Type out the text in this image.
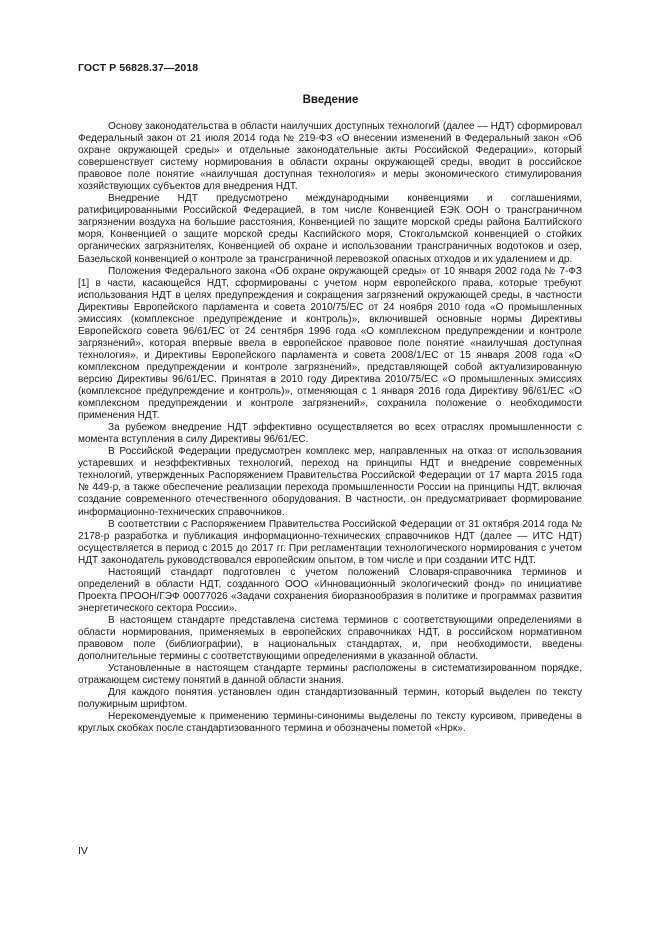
ГОСТ Р 56828.37—2018
Введение

Основу законодательства в области наилучших доступных технологий (далее — НДТ) сформировал Федеральный закон от 21 июля 2014 года № 219-ФЗ «О внесении изменений в Федеральный закон «Об охране окружающей среды» и отдельные законодательные акты Российской Федерации», который совершенствует систему нормирования в области охраны окружающей среды, вводит в российское правовое поле понятие «наилучшая доступная технология» и меры экономического стимулирования хозяйствующих субъектов для внедрения НДТ.

Внедрение НДТ предусмотрено международными конвенциями и соглашениями, ратифицированными Российской Федерацией, в том числе Конвенцией ЕЭК ООН о трансграничном загрязнении воздуха на большие расстояния, Конвенцией по защите морской среды района Балтийского моря, Конвенцией о защите морской среды Каспийского моря, Стокгольмской конвенцией о стойких органических загрязнителях, Конвенцией об охране и использовании трансграничных водотоков и озер, Базельской конвенцией о контроле за трансграничной перевозкой опасных отходов и их удалением и др.

Положения Федерального закона «Об охране окружающей среды» от 10 января 2002 года № 7-ФЗ [1] в части, касающейся НДТ, сформированы с учетом норм европейского права, которые требуют использования НДТ в целях предупреждения и сокращения загрязнений окружающей среды, в частности Директивы Европейского парламента и совета 2010/75/ЕС от 24 ноября 2010 года «О промышленных эмиссиях (комплексное предупреждение и контроль)», включившей основные нормы Директивы Европейского совета 96/61/ЕС от 24 сентября 1996 года «О комплексном предупреждении и контроле загрязнений», которая впервые ввела в европейское правовое поле понятие «наилучшая доступная технология», и Директивы Европейского парламента и совета 2008/1/ЕС от 15 января 2008 года «О комплексном предупреждении и контроле загрязнений», представляющей собой актуализированную версию Директивы 96/61/ЕС. Принятая в 2010 году Директива 2010/75/ЕС «О промышленных эмиссиях (комплексное предупреждение и контроль)», отменяющая с 1 января 2016 года Директиву 96/61/ЕС «О комплексном предупреждении и контроле загрязнений», сохранила положение о необходимости применения НДТ.

За рубежом внедрение НДТ эффективно осуществляется во всех отраслях промышленности с момента вступления в силу Директивы 96/61/ЕС.

В Российской Федерации предусмотрен комплекс мер, направленных на отказ от использования устаревших и неэффективных технологий, переход на принципы НДТ и внедрение современных технологий, утвержденных Распоряжением Правительства Российской Федерации от 17 марта 2015 года № 449-р, а также обеспечение реализации перехода промышленности России на принципы НДТ, включая создание современного отечественного оборудования. В частности, он предусматривает формирование информационно-технических справочников.

В соответствии с Распоряжением Правительства Российской Федерации от 31 октября 2014 года № 2178-р разработка и публикация информационно-технических справочников НДТ (далее — ИТС НДТ) осуществляется в период с 2015 до 2017 гг. При регламентации технологического нормирования с учетом НДТ законодатель руководствовался европейским опытом, в том числе и при создании ИТС НДТ.

Настоящий стандарт подготовлен с учетом положений Словаря-справочника терминов и определений в области НДТ, созданного ООО «Инновационный экологический фонд» по инициативе Проекта ПРООН/ГЭФ 00077026 «Задачи сохранения биоразнообразия в политике и программах развития энергетического сектора России».

В настоящем стандарте представлена система терминов с соответствующими определениями в области нормирования, применяемых в европейских справочниках НДТ, в российском нормативном правовом поле (библиографии), в национальных стандартах, и, при необходимости, введены дополнительные термины с соответствующими определениями в указанной области.

Установленные в настоящем стандарте термины расположены в систематизированном порядке, отражающем систему понятий в данной области знания.

Для каждого понятия установлен один стандартизованный термин, который выделен по тексту полужирным шрифтом.

Нерекомендуемые к применению термины-синонимы выделены по тексту курсивом, приведены в круглых скобках после стандартизованного термина и обозначены пометой «Нрк».

IV
